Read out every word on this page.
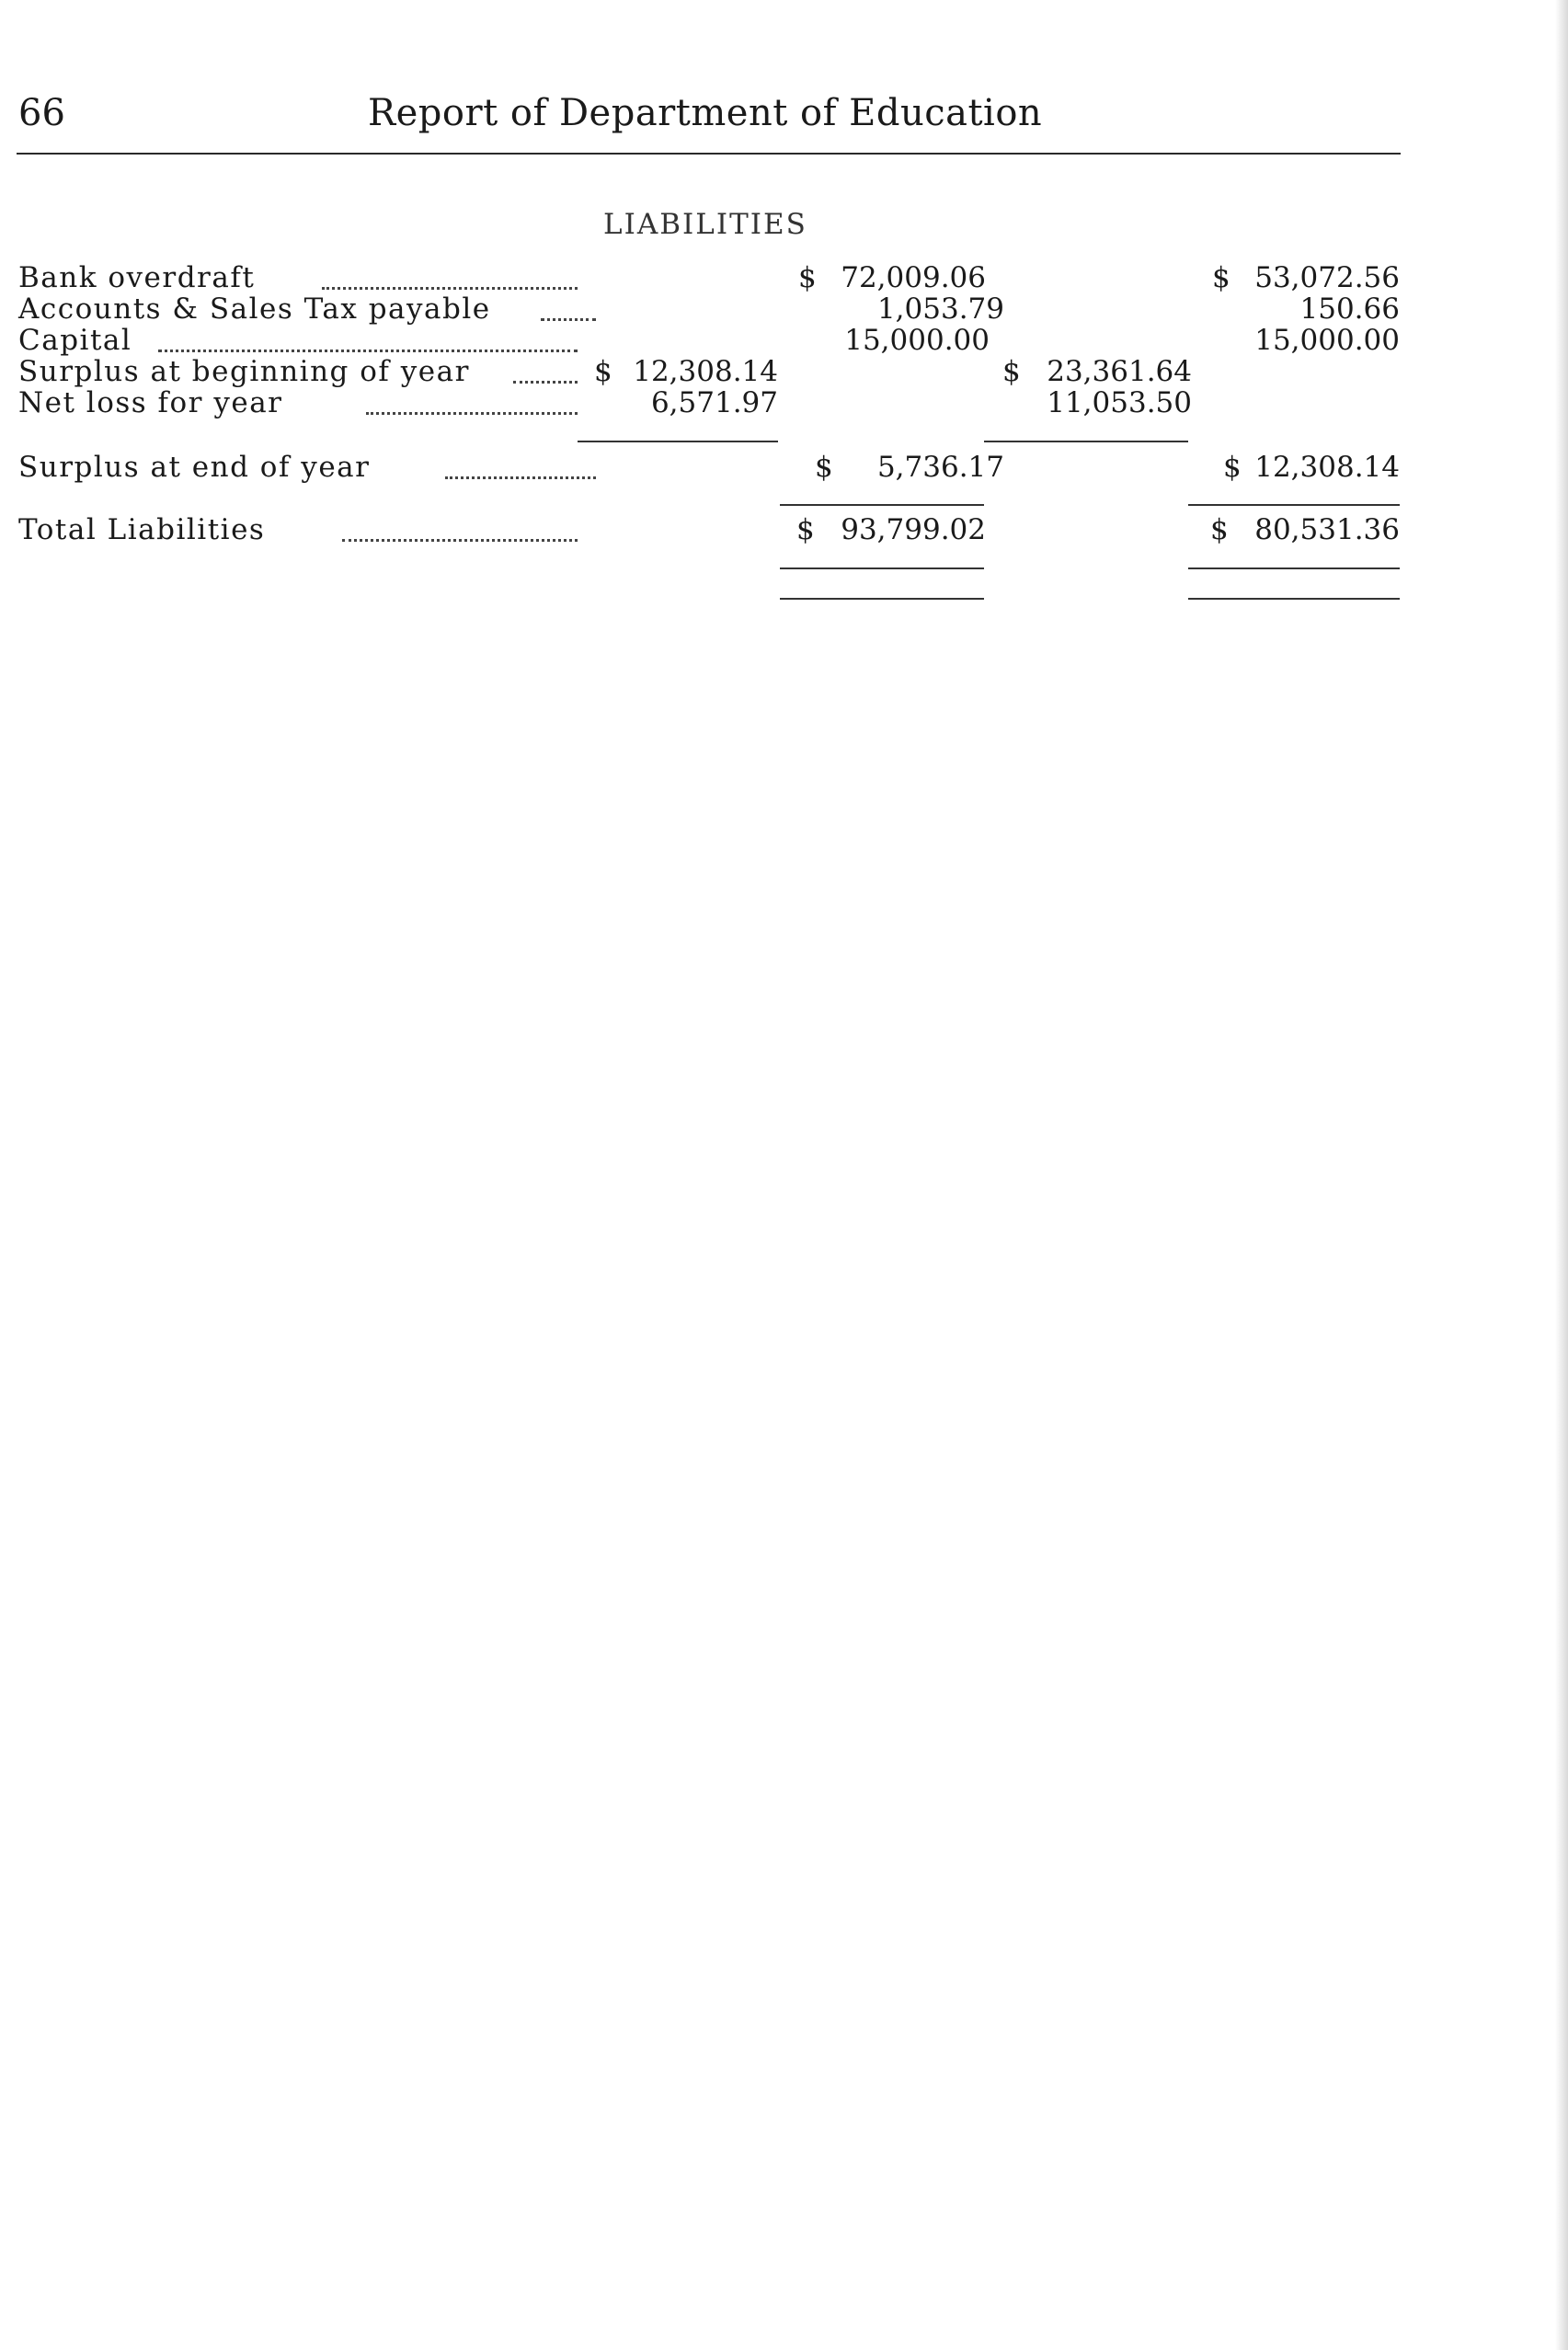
66	Report of Department of Education
LIABILITIES
Bank overdraft	$ 72,009.06	$ 53,072.56
Accounts & Sales Tax payable	1,053.79	150.66
Capital	15,000.00	15,000.00
Surplus at beginning of year	$ 12,308.14	$ 23,361.64
Net loss for year	6,571.97	11,053.50
Surplus at end of year	$	5,736.17	$ 12,308.14
Total Liabilities	$ 93,799.02	$ 80,531.36
